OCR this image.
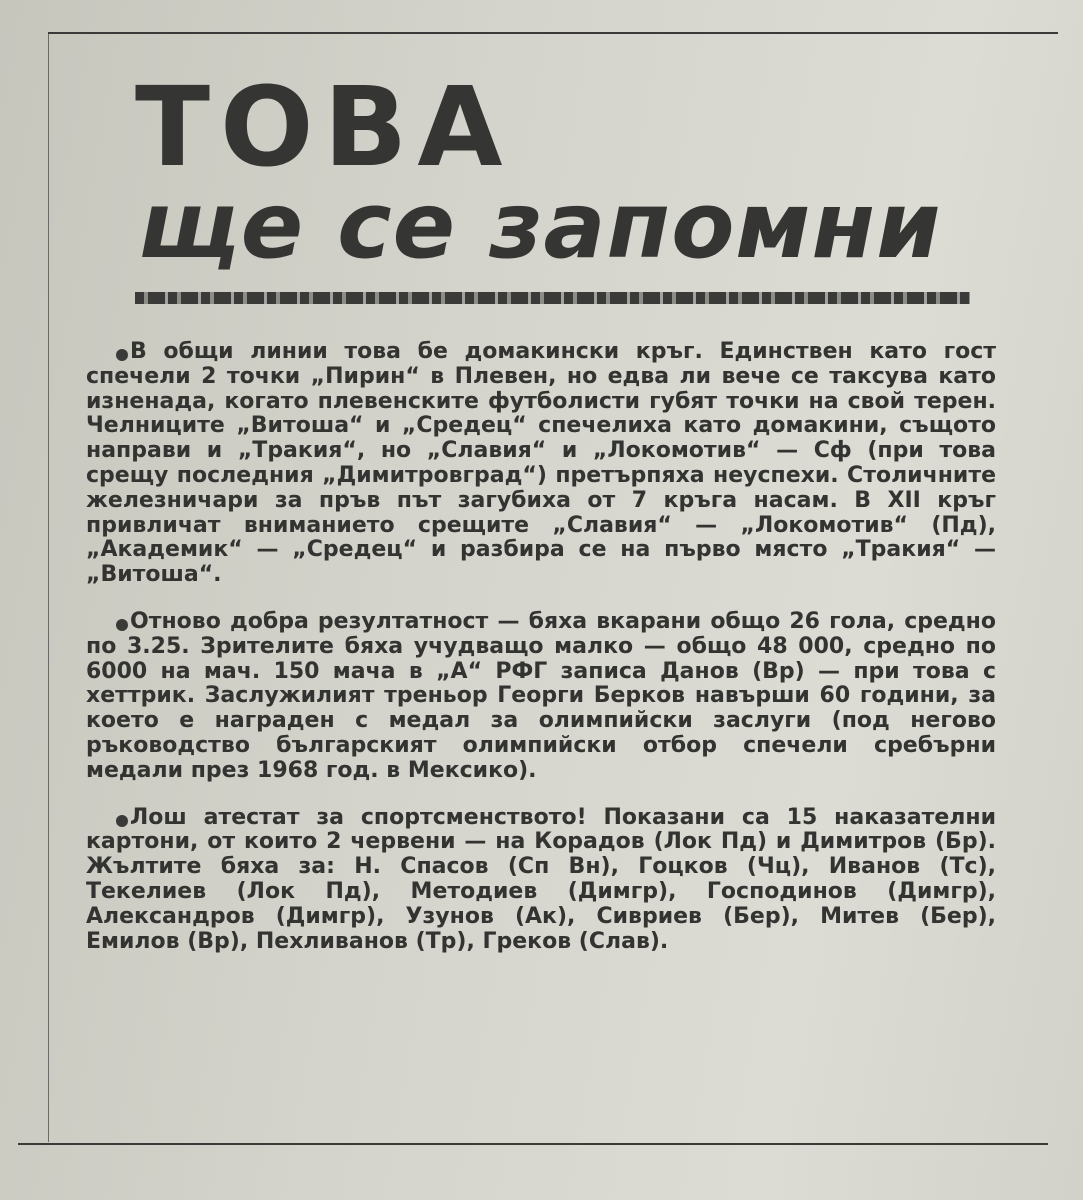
ТОВА
ще се запомни

В общи линии това бе домакински кръг. Единствен като гост спечели 2 точки „Пирин“ в Плевен, но едва ли вече се таксува като изненада, когато плевенските футболисти губят точки на свой терен. Челниците „Витоша“ и „Средец“ спечелиха като домакини, същото направи и „Тракия“, но „Славия“ и „Локомотив“ — Сф (при това срещу последния „Димитровград“) претърпяха неуспехи. Столичните железничари за пръв път загубиха от 7 кръга насам. В XII кръг привличат вниманието срещите „Славия“ — „Локомотив“ (Пд), „Академик“ — „Средец“ и разбира се на първо място „Тракия“ — „Витоша“.

Отново добра резултатност — бяха вкарани общо 26 гола, средно по 3.25. Зрителите бяха учудващо малко — общо 48 000, средно по 6000 на мач. 150 мача в „А“ РФГ записа Данов (Вр) — при това с хеттрик. Заслужилият треньор Георги Берков навърши 60 години, за което е награден с медал за олимпийски заслуги (под негово ръководство българският олимпийски отбор спечели сребърни медали през 1968 год. в Мексико).

Лош атестат за спортсменството! Показани са 15 наказателни картони, от които 2 червени — на Корадов (Лок Пд) и Димитров (Бр). Жълтите бяха за: Н. Спасов (Сп Вн), Гоцков (Чц), Иванов (Тс), Текелиев (Лок Пд), Методиев (Димгр), Господинов (Димгр), Александров (Димгр), Узунов (Ак), Сивриев (Бер), Митев (Бер), Емилов (Вр), Пехливанов (Тр), Греков (Слав).
